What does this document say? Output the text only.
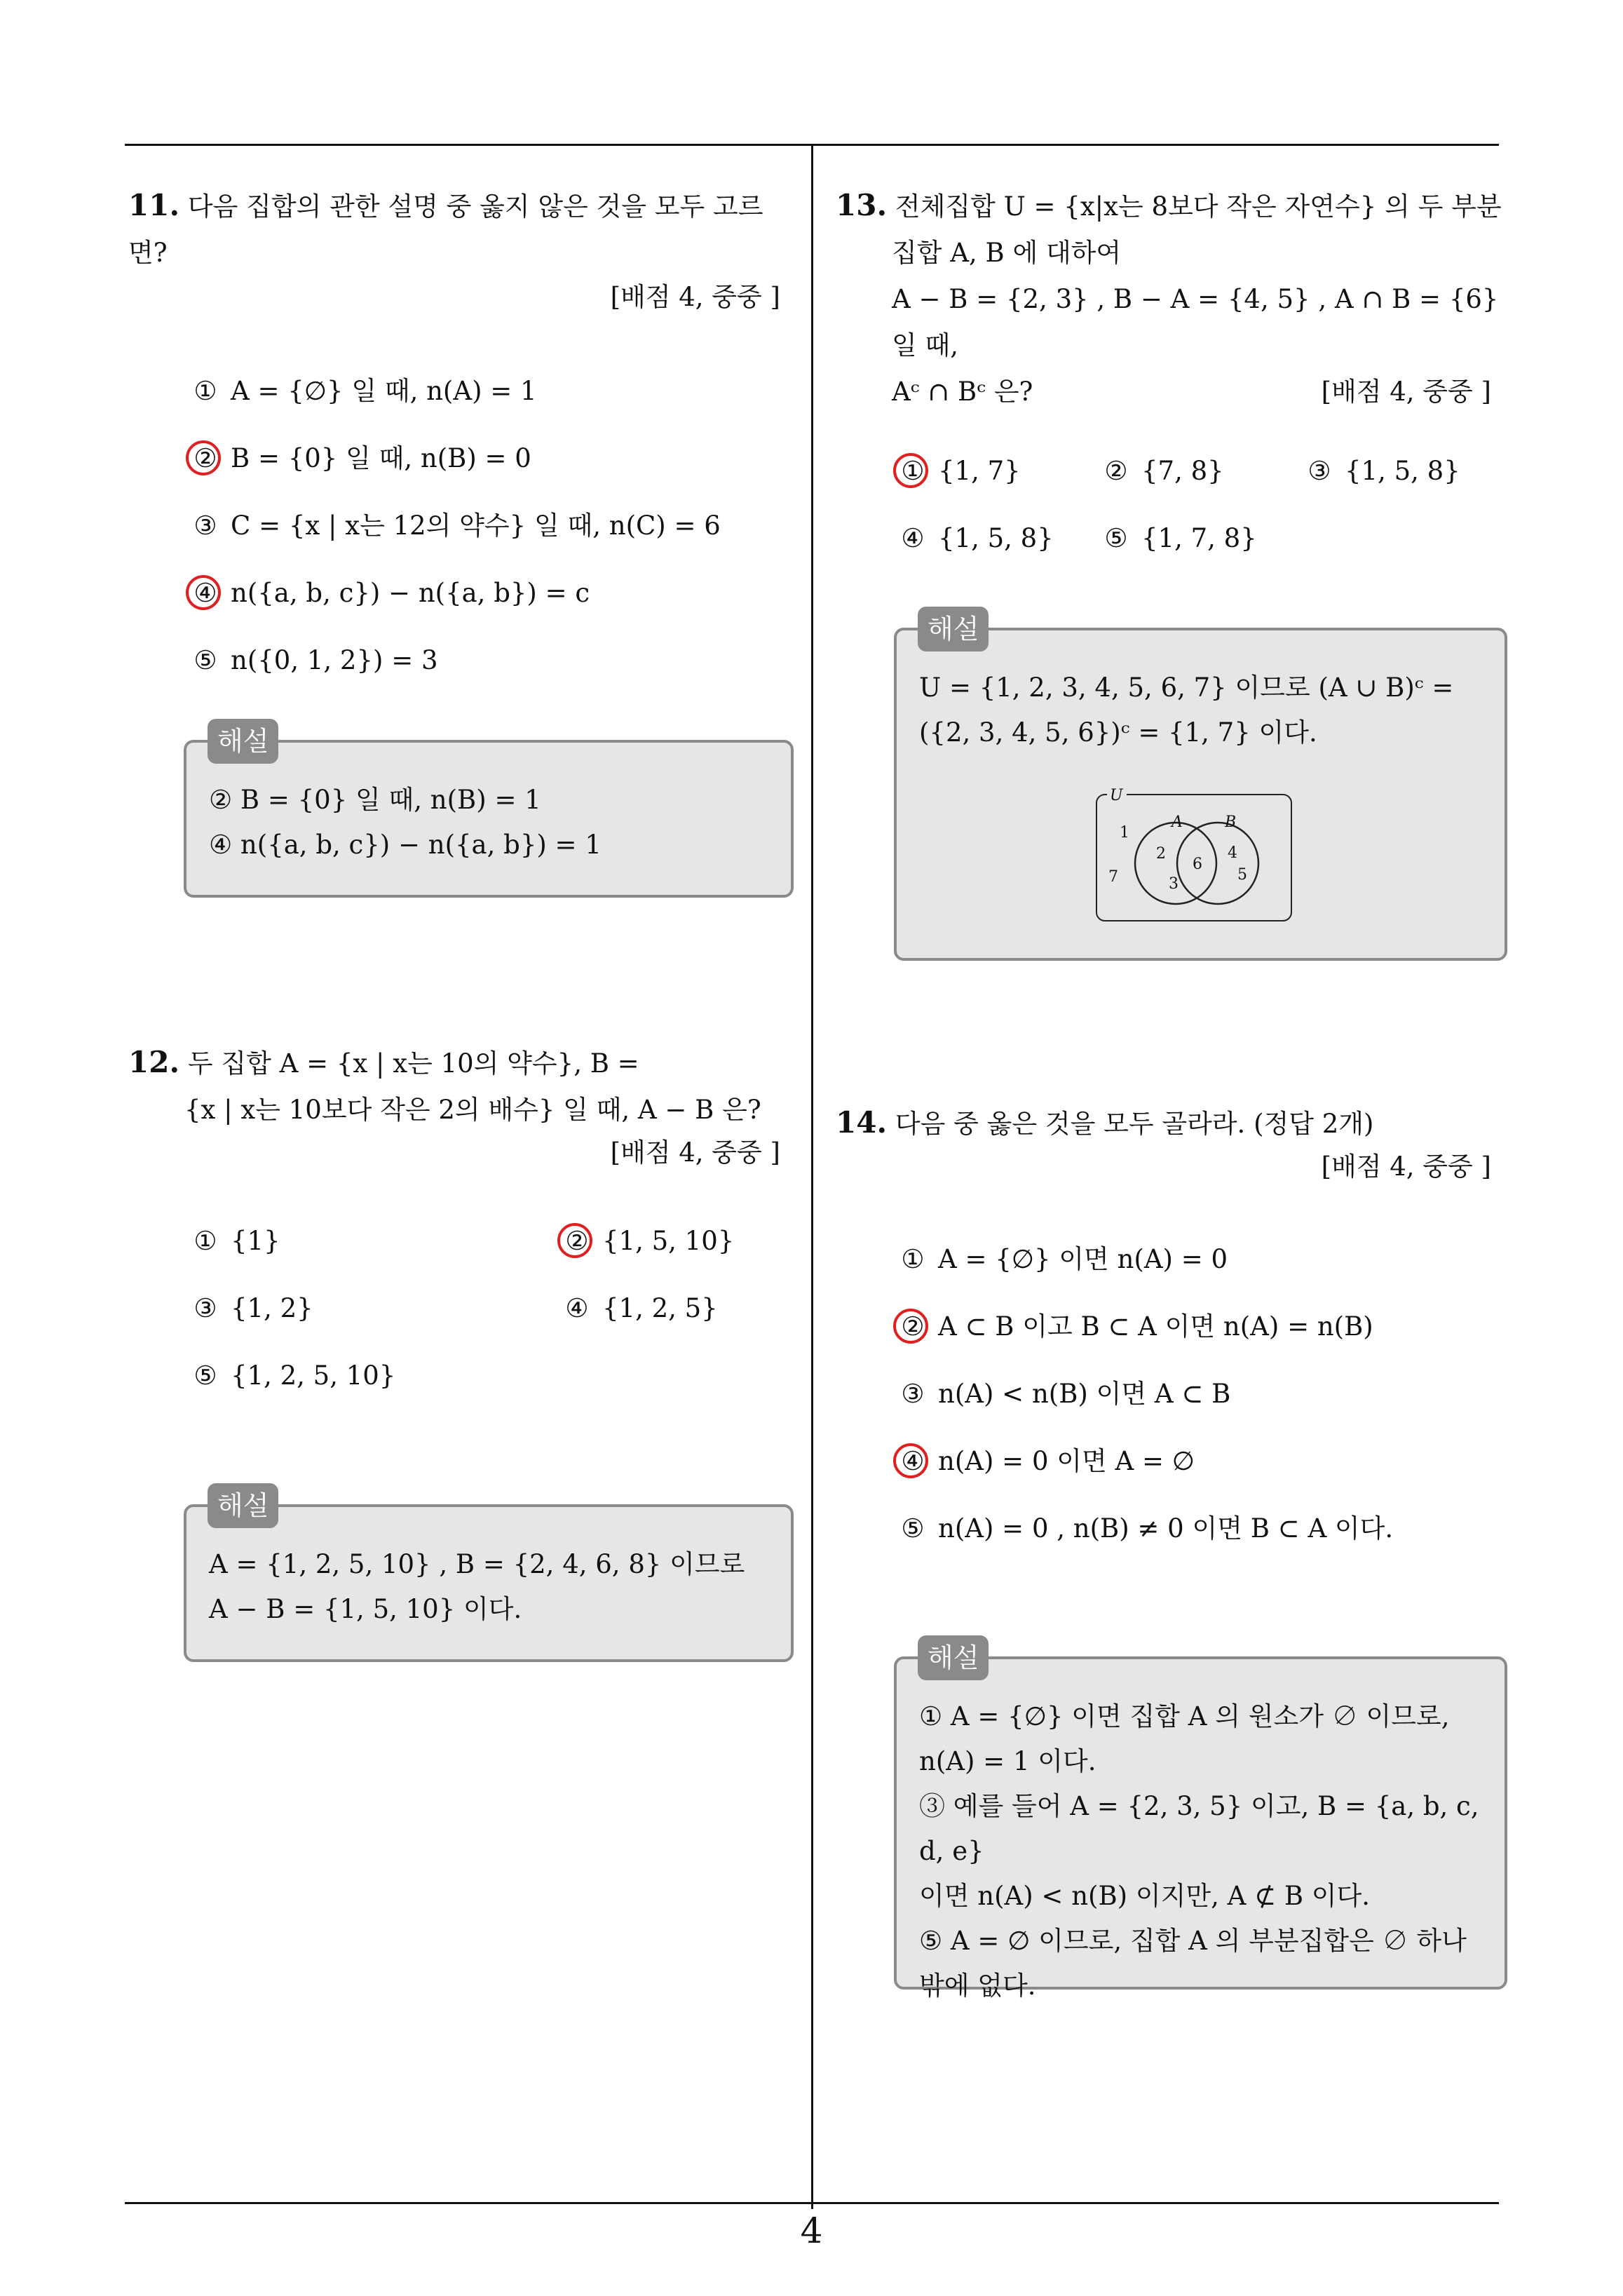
11. 다음 집합의 관한 설명 중 옳지 않은 것을 모두 고르면?
[배점 4, 중중 ]
① A = {∅} 일 때, n(A) = 1
② B = {0} 일 때, n(B) = 0
③ C = {x | x는 12의 약수} 일 때, n(C) = 6
④ n({a, b, c}) − n({a, b}) = c
⑤ n({0, 1, 2}) = 3
해설
② B = {0} 일 때, n(B) = 1
④ n({a, b, c}) − n({a, b}) = 1
12. 두 집합 A = {x | x는 10의 약수}, B =
{x | x는 10보다 작은 2의 배수} 일 때, A − B 은?
[배점 4, 중중 ]
① {1}	② {1, 5, 10}
③ {1, 2}	④ {1, 2, 5}
⑤ {1, 2, 5, 10}
해설
A = {1, 2, 5, 10} , B = {2, 4, 6, 8} 이므로
A − B = {1, 5, 10} 이다.
13. 전체집합 U = {x|x는 8보다 작은 자연수} 의 두 부분
집합 A, B 에 대하여
A − B = {2, 3} , B − A = {4, 5} , A ∩ B = {6} 일 때,
Aᶜ ∩ Bᶜ 은?	[배점 4, 중중 ]
① {1, 7}	② {7, 8}	③ {1, 5, 8}
④ {1, 5, 8} ⑤ {1, 7, 8}
해설
U = {1, 2, 3, 4, 5, 6, 7} 이므로 (A ∪ B)ᶜ =
({2, 3, 4, 5, 6})ᶜ = {1, 7} 이다.
U
A	B
1
7
2
3
6
4
5
14. 다음 중 옳은 것을 모두 골라라. (정답 2개)
[배점 4, 중중 ]
① A = {∅} 이면 n(A) = 0
② A ⊂ B 이고 B ⊂ A 이면 n(A) = n(B)
③ n(A) < n(B) 이면 A ⊂ B
④ n(A) = 0 이면 A = ∅
⑤ n(A) = 0 , n(B) ≠ 0 이면 B ⊂ A 이다.
해설
① A = {∅} 이면 집합 A 의 원소가 ∅ 이므로,
n(A) = 1 이다.
③ 예를 들어 A = {2, 3, 5} 이고, B = {a, b, c, d, e}
이면 n(A) < n(B) 이지만, A ⊄ B 이다.
⑤ A = ∅ 이므로, 집합 A 의 부분집합은 ∅ 하나
밖에 없다.
4
